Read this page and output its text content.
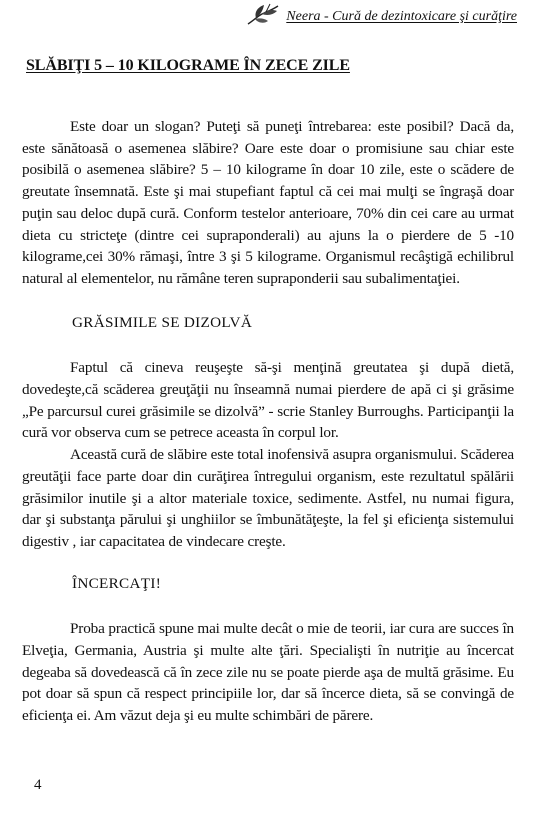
Neera - Cură de dezintoxicare şi curăţire
SLĂBIŢI 5 – 10 KILOGRAME ÎN ZECE ZILE

Este doar un slogan? Puteţi să puneţi întrebarea: este posibil? Dacă da, este sănătoasă o asemenea slăbire? Oare este doar o promisiune sau chiar este posibilă o asemenea slăbire? 5 – 10 kilograme în doar 10 zile, este o scădere de greutate însemnată. Este şi mai stupefiant faptul că cei mai mulţi se îngraşă doar puţin sau deloc după cură. Conform testelor anterioare, 70% din cei care au urmat dieta cu stricteţe (dintre cei supraponderali) au ajuns la o pierdere de 5 -10 kilograme,cei 30% rămaşi, între 3 şi 5 kilograme. Organismul recâştigă echilibrul natural al elementelor, nu rămâne teren supraponderii sau subalimentaţiei.

GRĂSIMILE SE DIZOLVĂ

Faptul că cineva reuşeşte să-şi menţină greutatea şi după dietă, dovedeşte,că scăderea greuţăţii nu înseamnă numai pierdere de apă ci şi grăsime „Pe parcursul curei grăsimile se dizolvă” - scrie Stanley Burroughs. Participanţii la cură vor observa cum se petrece aceasta în corpul lor.

Această cură de slăbire este total inofensivă asupra organismului. Scăderea greutăţii face parte doar din curăţirea întregului organism, este rezultatul spălării grăsimilor inutile şi a altor materiale toxice, sedimente. Astfel, nu numai figura, dar şi substanţa părului şi unghiilor se îmbunătăţeşte, la fel şi eficienţa sistemului digestiv , iar capacitatea de vindecare creşte.

ÎNCERCAŢI!

Proba practică spune mai multe decât o mie de teorii, iar cura are succes în Elveţia, Germania, Austria şi multe alte ţări. Specialişti în nutriţie au încercat degeaba să dovedească că în zece zile nu se poate pierde aşa de multă grăsime. Eu pot doar să spun că respect principiile lor, dar să încerce dieta, să se convingă de eficienţa ei. Am văzut deja şi eu multe schimbări de părere.

4
